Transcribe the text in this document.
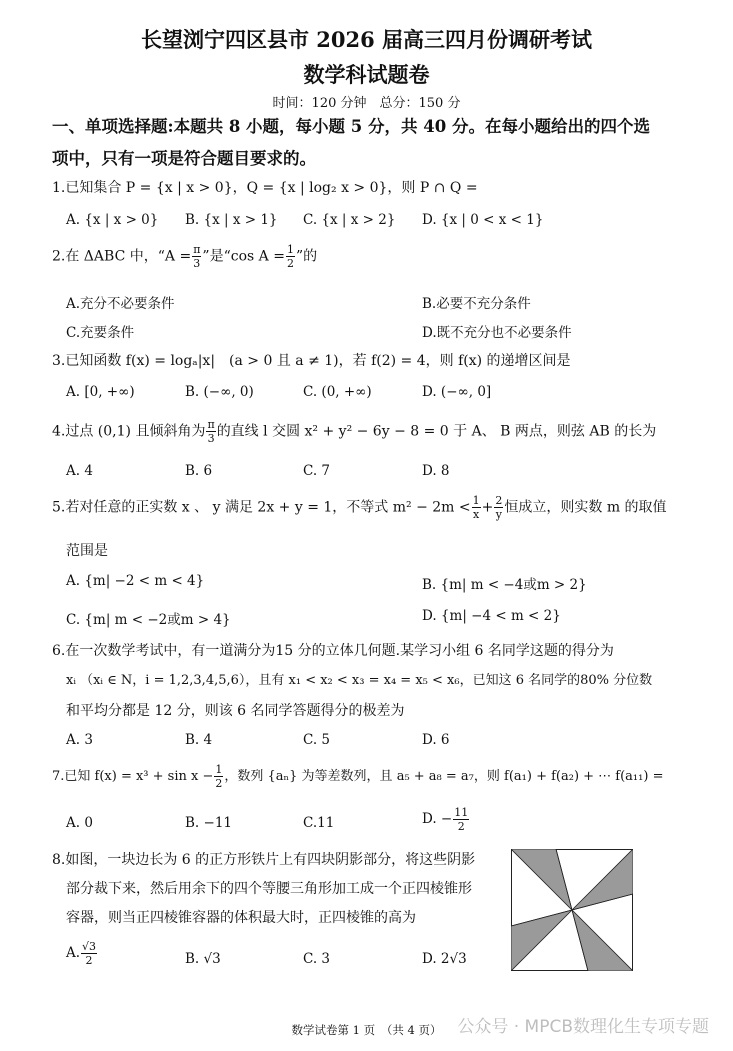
长望浏宁四区县市 2026 届高三四月份调研考试
数学科试题卷
时间：120 分钟　总分：150 分
一、单项选择题:本题共 8 小题，每小题 5 分，共 40 分。在每小题给出的四个选
项中，只有一项是符合题目要求的。
1.已知集合 P = {x | x > 0}，Q = {x | log₂ x > 0}，则 P ∩ Q =
A. {x | x > 0} B. {x | x > 1} C. {x | x > 2} D. {x | 0 < x < 1}
2.在 ΔABC 中，“$A = \frac{\pi}{3}$ ”是“cos $A = \frac{1}{2}$ ”的
A.充分不必要条件	B.必要不充分条件
C.充要条件	D.既不充分也不必要条件
3.已知函数 f(x) = logₐ|x|　(a > 0 且 a ≠ 1)，若 f(2) = 4，则 f(x) 的递增区间是
A. [0, +∞)	B. (−∞, 0)	C. (0, +∞)	D. (−∞, 0]
4.过点 (0,1) 且倾斜角为 $\frac{\pi}{3}$ 的直线 l 交圆 x² + y² − 6y − 8 = 0 于 A、 B 两点，则弦 AB 的长为
A. 4	B. 6	C. 7	D. 8
5.若对任意的正实数 x 、 y 满足 2x + y = 1，不等式 $m^2 - 2m < \frac{1}{x} + \frac{2}{y}$ 恒成立，则实数 m 的取值
范围是
A. {m| −2 < m < 4}	B. {m| m < −4或m > 2}
C. {m| m < −2或m > 4}	D. {m| −4 < m < 2}
6.在一次数学考试中，有一道满分为15 分的立体几何题.某学习小组 6 名同学这题的得分为
xᵢ （xᵢ ∈ N，i = 1,2,3,4,5,6），且有 x₁ < x₂ < x₃ = x₄ = x₅ < x₆，已知这 6 名同学的80% 分位数
和平均分都是 12 分，则该 6 名同学答题得分的极差为
A. 3	B. 4	C. 5	D. 6
7.已知 $f(x) = x^3 + \sin x - \frac{1}{2}$ ，数列 {aₙ} 为等差数列，且 a₅ + a₈ = a₇，则 f(a₁) + f(a₂) + ⋯ f(a₁₁) =
A. 0	B. −11	C.11	D. − $\frac{11}{2}$
8.如图，一块边长为 6 的正方形铁片上有四块阴影部分，将这些阴影
部分裁下来，然后用余下的四个等腰三角形加工成一个正四棱锥形
容器，则当正四棱锥容器的体积最大时，正四棱锥的高为
A. $\frac{√3}{2}$	B. √3	C. 3	D. 2√3
数学试卷第 1 页　（共 4 页） 公众号 · MPCB数理化生专项专题
